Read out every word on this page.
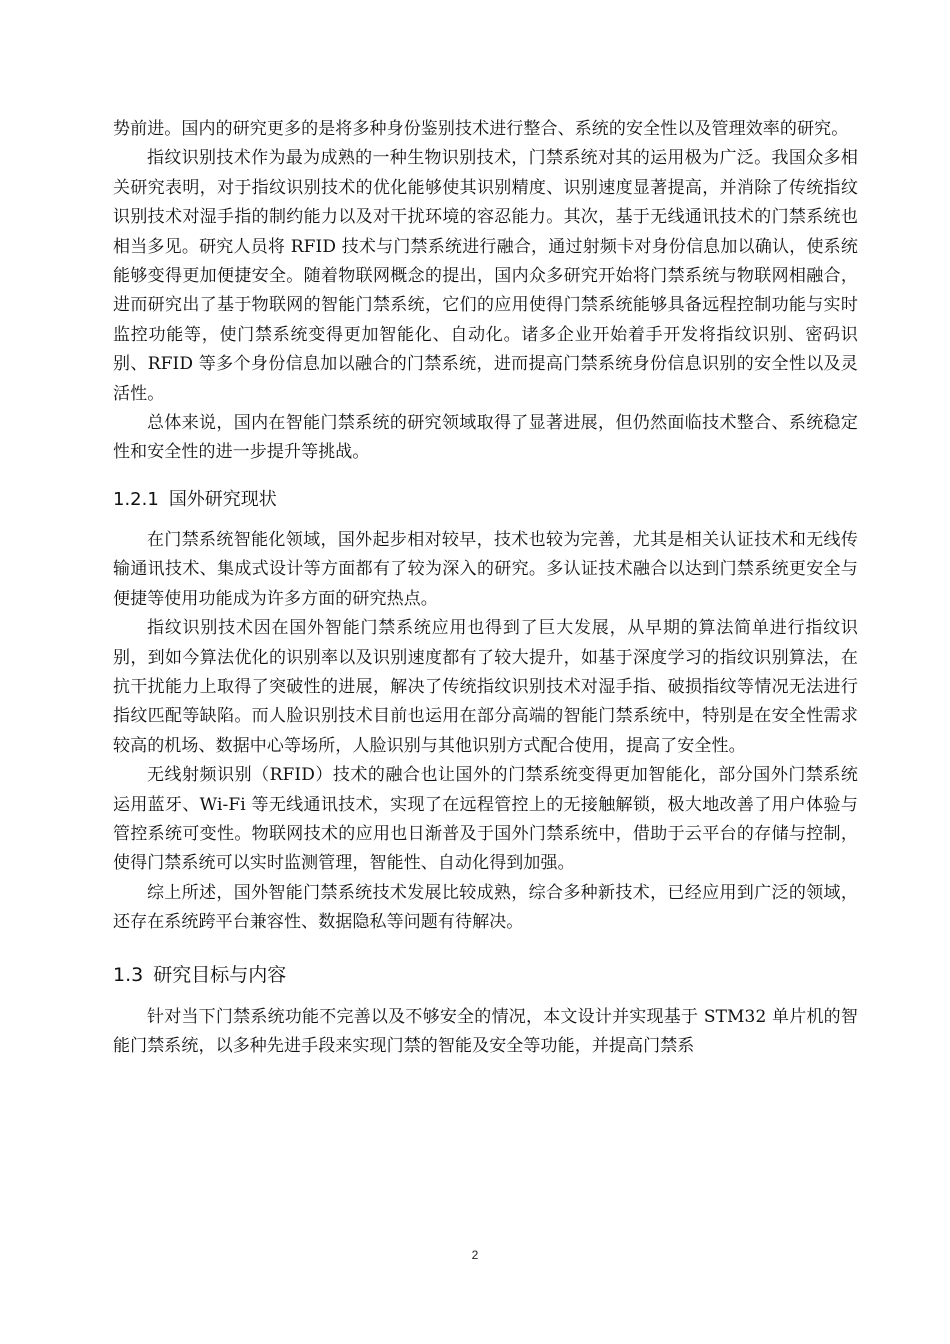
势前进。国内的研究更多的是将多种身份鉴别技术进行整合、系统的安全性以及管理效率的研究。

指纹识别技术作为最为成熟的一种生物识别技术，门禁系统对其的运用极为广泛。我国众多相关研究表明，对于指纹识别技术的优化能够使其识别精度、识别速度显著提高，并消除了传统指纹识别技术对湿手指的制约能力以及对干扰环境的容忍能力。其次，基于无线通讯技术的门禁系统也相当多见。研究人员将 RFID 技术与门禁系统进行融合，通过射频卡对身份信息加以确认，使系统能够变得更加便捷安全。随着物联网概念的提出，国内众多研究开始将门禁系统与物联网相融合，进而研究出了基于物联网的智能门禁系统，它们的应用使得门禁系统能够具备远程控制功能与实时监控功能等，使门禁系统变得更加智能化、自动化。诸多企业开始着手开发将指纹识别、密码识别、RFID 等多个身份信息加以融合的门禁系统，进而提高门禁系统身份信息识别的安全性以及灵活性。

总体来说，国内在智能门禁系统的研究领域取得了显著进展，但仍然面临技术整合、系统稳定性和安全性的进一步提升等挑战。

1.2.1 国外研究现状

在门禁系统智能化领域，国外起步相对较早，技术也较为完善，尤其是相关认证技术和无线传输通讯技术、集成式设计等方面都有了较为深入的研究。多认证技术融合以达到门禁系统更安全与便捷等使用功能成为许多方面的研究热点。

指纹识别技术因在国外智能门禁系统应用也得到了巨大发展，从早期的算法简单进行指纹识别，到如今算法优化的识别率以及识别速度都有了较大提升，如基于深度学习的指纹识别算法，在抗干扰能力上取得了突破性的进展，解决了传统指纹识别技术对湿手指、破损指纹等情况无法进行指纹匹配等缺陷。而人脸识别技术目前也运用在部分高端的智能门禁系统中，特别是在安全性需求较高的机场、数据中心等场所，人脸识别与其他识别方式配合使用，提高了安全性。

无线射频识别（RFID）技术的融合也让国外的门禁系统变得更加智能化，部分国外门禁系统运用蓝牙、Wi-Fi 等无线通讯技术，实现了在远程管控上的无接触解锁，极大地改善了用户体验与管控系统可变性。物联网技术的应用也日渐普及于国外门禁系统中，借助于云平台的存储与控制，使得门禁系统可以实时监测管理，智能性、自动化得到加强。

综上所述，国外智能门禁系统技术发展比较成熟，综合多种新技术，已经应用到广泛的领域，还存在系统跨平台兼容性、数据隐私等问题有待解决。

1.3 研究目标与内容

针对当下门禁系统功能不完善以及不够安全的情况，本文设计并实现基于 STM32 单片机的智能门禁系统，以多种先进手段来实现门禁的智能及安全等功能，并提高门禁系

2
